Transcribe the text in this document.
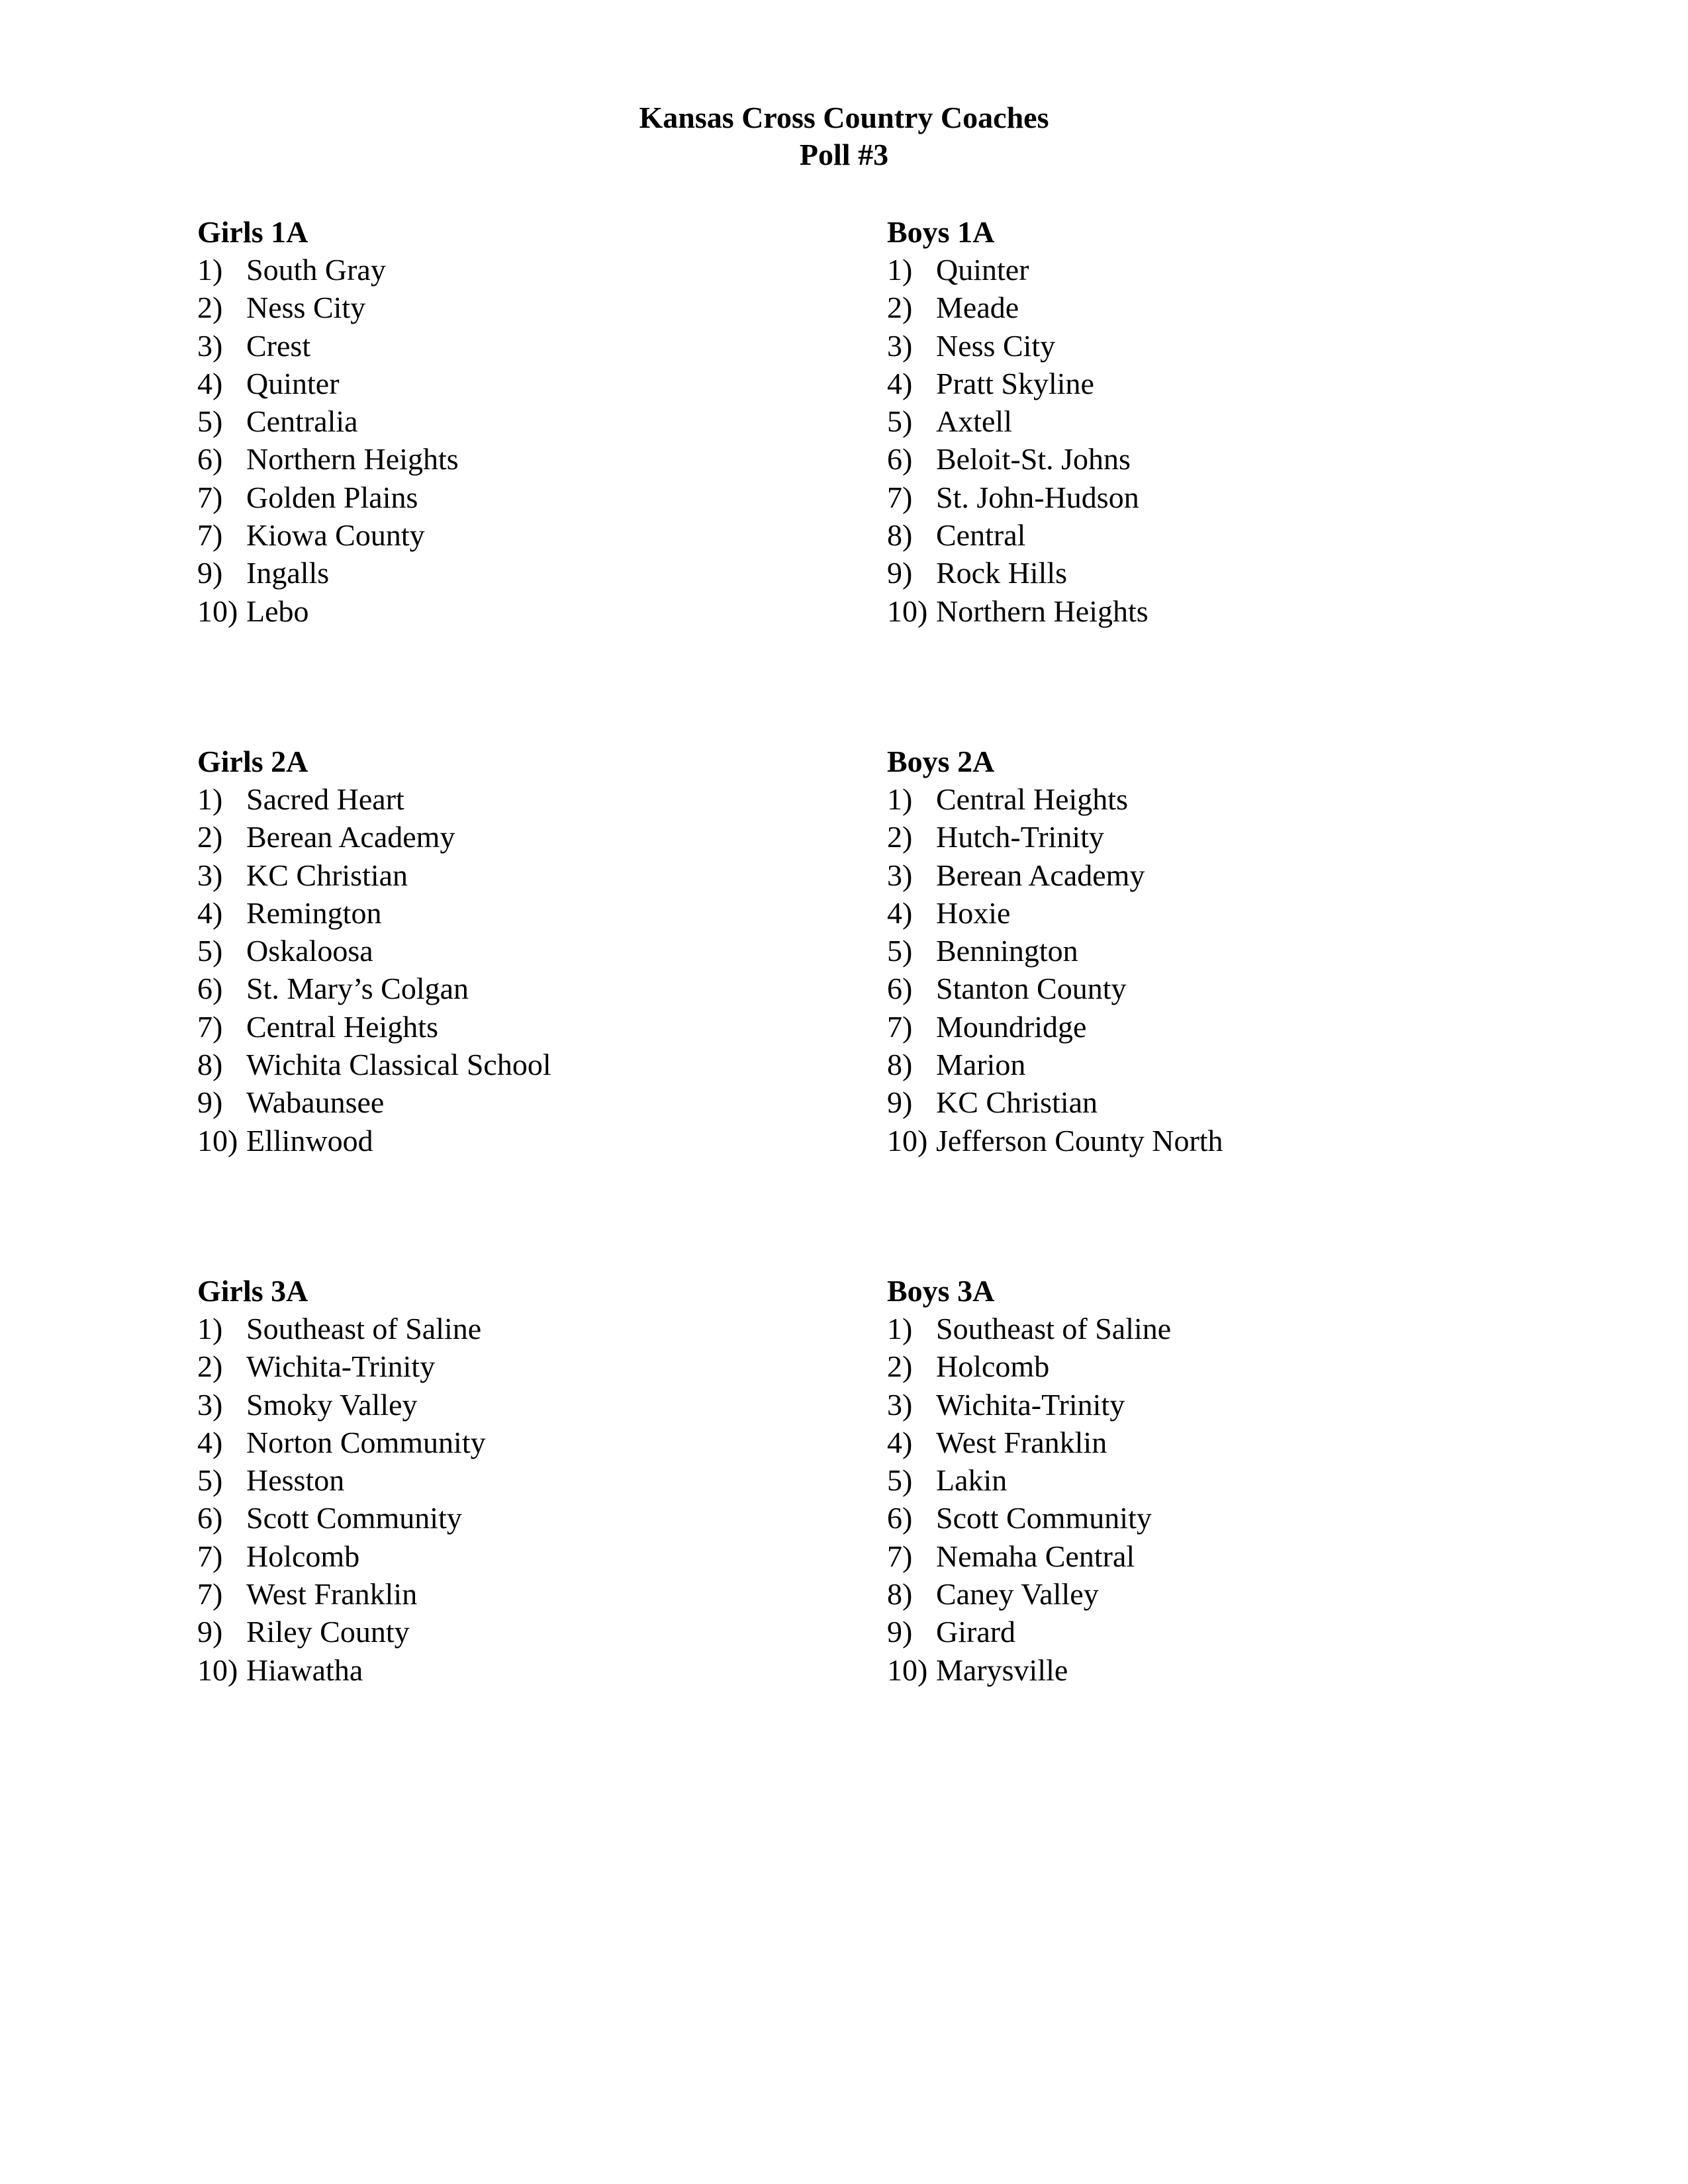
Kansas Cross Country Coaches
Poll #3
Girls 1A
1) South Gray
2) Ness City
3) Crest
4) Quinter
5) Centralia
6) Northern Heights
7) Golden Plains
7) Kiowa County
9) Ingalls
10) Lebo
Boys 1A
1) Quinter
2) Meade
3) Ness City
4) Pratt Skyline
5) Axtell
6) Beloit-St. Johns
7) St. John-Hudson
8) Central
9) Rock Hills
10) Northern Heights
Girls 2A
1) Sacred Heart
2) Berean Academy
3) KC Christian
4) Remington
5) Oskaloosa
6) St. Mary’s Colgan
7) Central Heights
8) Wichita Classical School
9) Wabaunsee
10) Ellinwood
Boys 2A
1) Central Heights
2) Hutch-Trinity
3) Berean Academy
4) Hoxie
5) Bennington
6) Stanton County
7) Moundridge
8) Marion
9) KC Christian
10) Jefferson County North
Girls 3A
1) Southeast of Saline
2) Wichita-Trinity
3) Smoky Valley
4) Norton Community
5) Hesston
6) Scott Community
7) Holcomb
7) West Franklin
9) Riley County
10) Hiawatha
Boys 3A
1) Southeast of Saline
2) Holcomb
3) Wichita-Trinity
4) West Franklin
5) Lakin
6) Scott Community
7) Nemaha Central
8) Caney Valley
9) Girard
10) Marysville
